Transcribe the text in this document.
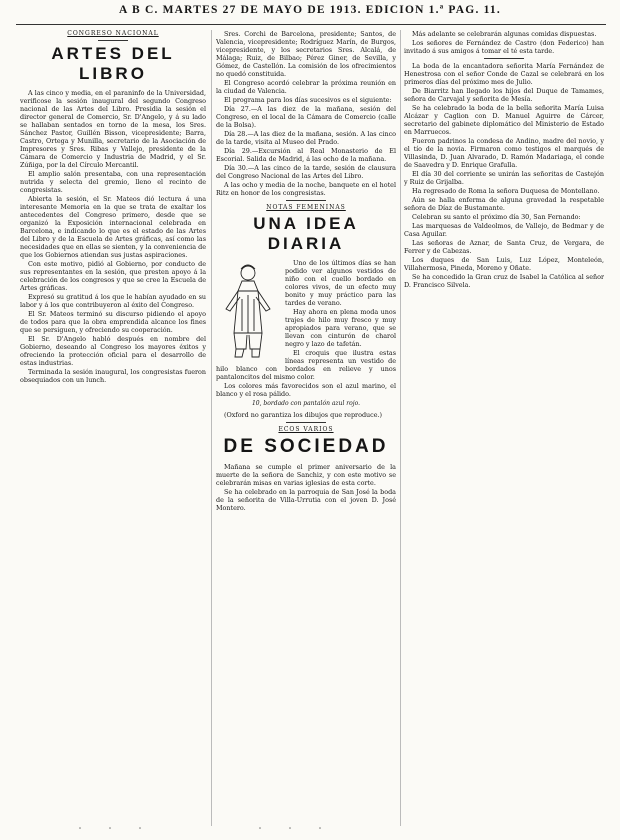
A B C. MARTES 27 DE MAYO DE 1913. EDICION 1.ª PAG. 11.
CONGRESO NACIONAL
ARTES DEL LIBRO

A las cinco y media, en el paraninfo de la Universidad, verificose la sesión inaugural del segundo Congreso nacional de las Artes del Libro. Presidia la sesión el director general de Comercio, Sr. D'Angelo, y á su lado se hallaban sentados en torno de la mesa, los Sres. Sánchez Pastor, Guillén Bisson, vicepresidente; Barra, Castro, Ortega y Munilla, secretario de la Asociación de Impresores y Sres. Ribas y Vallejo, presidente de la Cámara de Comercio y Industria de Madrid, y el Sr. Zúñiga, por la del Círculo Mercantil.

El amplio salón presentaba, con una representación nutrida y selecta del gremio, lleno el recinto de congresistas.

Abierta la sesión, el Sr. Mateos dió lectura á una interesante Memoria en la que se trata de exaltar los antecedentes del Congreso primero, desde que se organizó la Exposición internacional celebrada en Barcelona, e indicando lo que es el estado de las Artes del Libro y de la Escuela de Artes gráficas, así como las necesidades que en ellas se sienten, y la conveniencia de que los Gobiernos atiendan sus justas aspiraciones.

Con este motivo, pidió al Gobierno, por conducto de sus representantes en la sesión, que presten apoyo á la celebración de los congresos y que se cree la Escuela de Artes gráficas.

Expresó su gratitud á los que le habían ayudado en su labor y á los que contribuyeron al éxito del Congreso.

El Sr. Mateos terminó su discurso pidiendo el apoyo de todos para que la obra emprendida alcance los fines que se persiguen, y ofreciendo su cooperación.

El Sr. D'Angelo habló después en nombre del Gobierno, deseando al Congreso los mayores éxitos y ofreciendo la protección oficial para el desarrollo de estas industrias.

Terminada la sesión inaugural, los congresistas fueron obsequiados con un lunch.

Sres. Corchi de Barcelona, presidente; Santos, de Valencia, vicepresidente; Rodríguez Marín, de Burgos, vicepresidente, y los secretarios Sres. Alcalá, de Málaga; Ruiz, de Bilbao; Pérez Giner, de Sevilla, y Gómez, de Castellón. La comisión de los ofrecimientos no quedó constituida.

El Congreso acordó celebrar la próxima reunión en la ciudad de Valencia.

El programa para los días sucesivos es el siguiente:

Día 27.—A las diez de la mañana, sesión del Congreso, en el local de la Cámara de Comercio (calle de la Bolsa).

Día 28.—A las diez de la mañana, sesión. A las cinco de la tarde, visita al Museo del Prado.

Día 29.—Excursión al Real Monasterio de El Escorial. Salida de Madrid, á las ocho de la mañana.

Día 30.—A las cinco de la tarde, sesión de clausura del Congreso Nacional de las Artes del Libro.

A las ocho y media de la noche, banquete en el hotel Ritz en honor de los congresistas.

NOTAS FEMENINAS
UNA IDEA DIARIA

Uno de los últimos días se han podido ver algunos vestidos de niño con el cuello bordado en colores vivos, de un efecto muy bonito y muy práctico para las tardes de verano.

Hay ahora en plena moda unos trajes de hilo muy fresco y muy apropiados para verano, que se llevan con cinturón de charol negro y lazo de tafetán.

El croquis que ilustra estas líneas representa un vestido de hilo blanco con bordados en relieve y unos pantaloncitos del mismo color.

Los colores más favorecidos son el azul marino, el blanco y el rosa pálido.

10, bordado con pantalón azul rojo.

(Oxford no garantiza los dibujos que reproduce.)

ECOS VARIOS
DE SOCIEDAD

Mañana se cumple el primer aniversario de la muerte de la señora de Sanchiz, y con este motivo se celebrarán misas en varias iglesias de esta corte.

Se ha celebrado en la parroquia de San José la boda de la señorita de Villa-Urrutia con el joven D. José Montero.

Más adelante se celebrarán algunas comidas dispuestas.

Los señores de Fernández de Castro (don Federico) han invitado á sus amigos á tomar el té esta tarde.

La boda de la encantadora señorita María Fernández de Henestrosa con el señor Conde de Cazal se celebrará en los primeros días del próximo mes de Julio.

De Biarritz han llegado los hijos del Duque de Tamames, señora de Carvajal y señorita de Mesía.

Se ha celebrado la boda de la bella señorita María Luisa Alcázar y Caglion con D. Manuel Aguirre de Cárcer, secretario del gabinete diplomático del Ministerio de Estado en Marruecos.

Fueron padrinos la condesa de Andino, madre del novio, y el tío de la novia. Firmaron como testigos el marqués de Villasinda, D. Juan Alvarado, D. Ramón Madariaga, el conde de Saavedra y D. Enrique Grafulla.

El día 30 del corriente se unirán las señoritas de Castejón y Ruiz de Grijalba.

Ha regresado de Roma la señora Duquesa de Montellano.

Aún se halla enferma de alguna gravedad la respetable señora de Díaz de Bustamante.

Celebran su santo el próximo día 30, San Fernando:

Las marquesas de Valdeolmos, de Vallejo, de Bedmar y de Casa Aguilar.

Las señoras de Aznar, de Santa Cruz, de Vergara, de Ferrer y de Cabezas.

Los duques de San Luis, Luz López, Monteleón, Villahermosa, Pineda, Moreno y Oñate.

Se ha concedido la Gran cruz de Isabel la Católica al señor D. Francisco Silvela.
